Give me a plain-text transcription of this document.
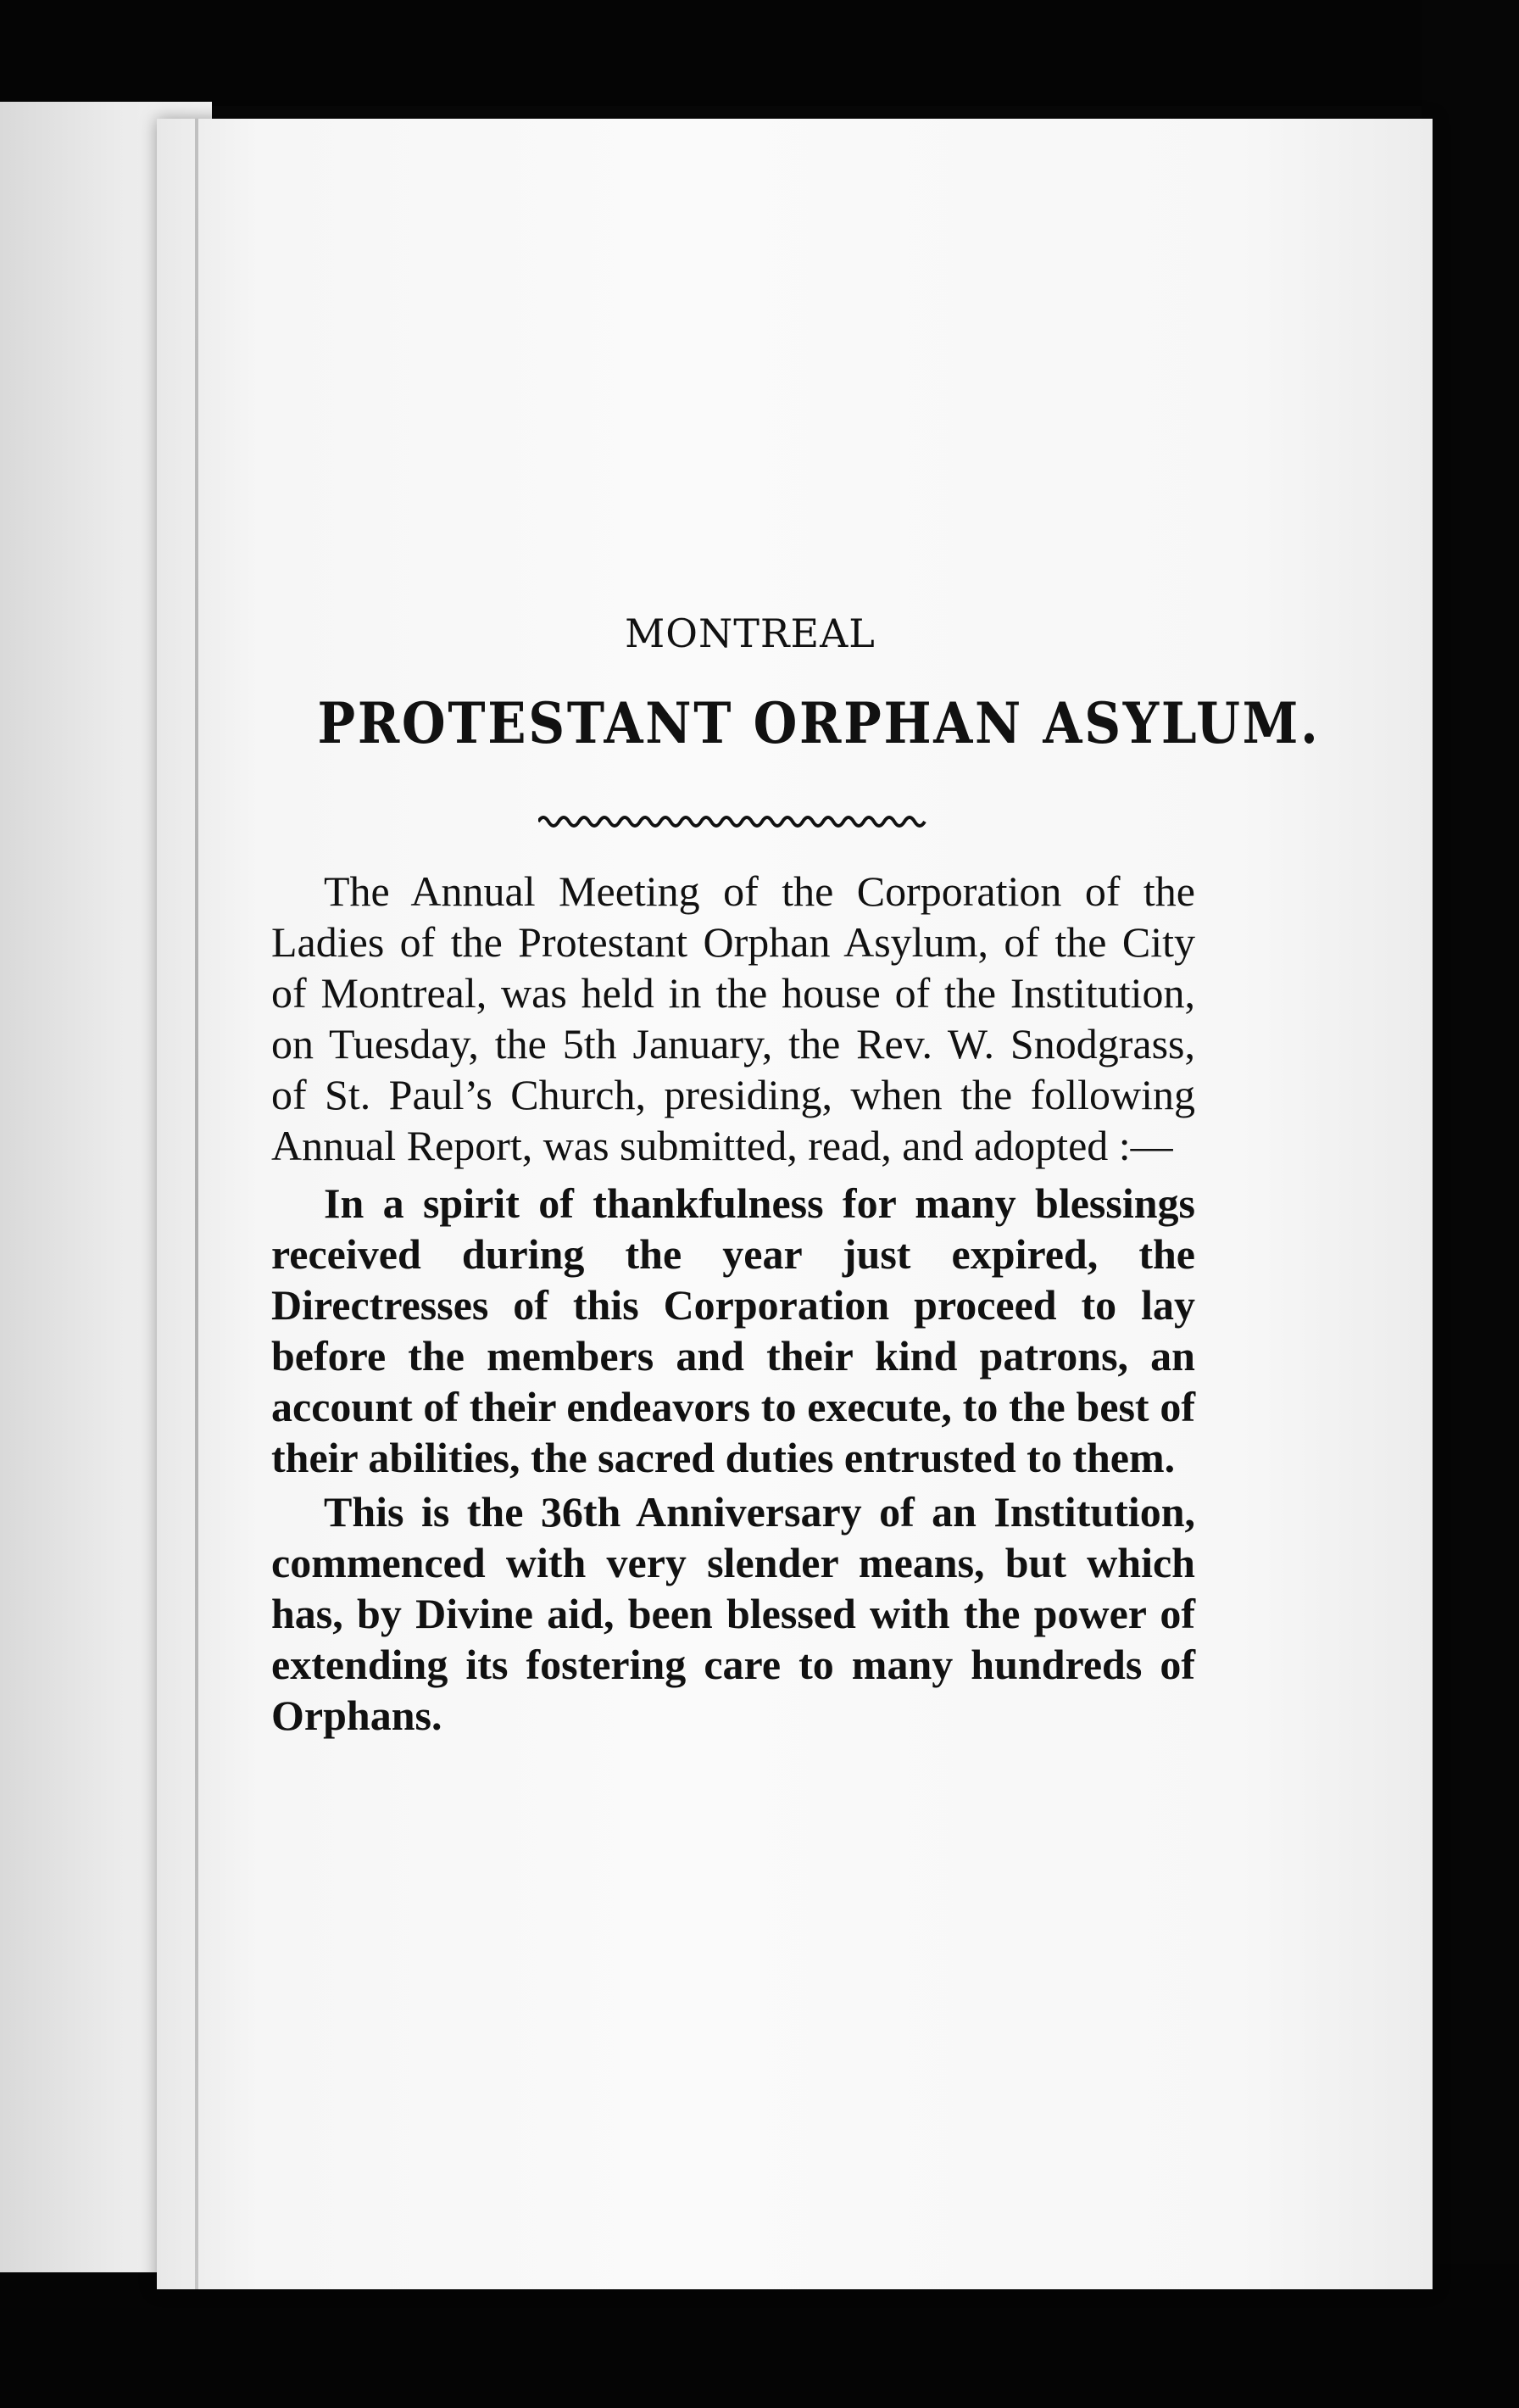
MONTREAL
PROTESTANT ORPHAN ASYLUM.

The Annual Meeting of the Corporation of the Ladies of the Protestant Orphan Asylum, of the City of Montreal, was held in the house of the Institution, on Tuesday, the 5th January, the Rev. W. Snodgrass, of St. Paul’s Church, presiding, when the following Annual Report, was submitted, read, and adopted :—

In a spirit of thankfulness for many blessings received during the year just expired, the Directresses of this Corporation proceed to lay before the members and their kind patrons, an account of their endeavors to execute, to the best of their abilities, the sacred duties entrusted to them.

This is the 36th Anniversary of an Institution, commenced with very slender means, but which has, by Divine aid, been blessed with the power of extending its fostering care to many hundreds of Orphans.
